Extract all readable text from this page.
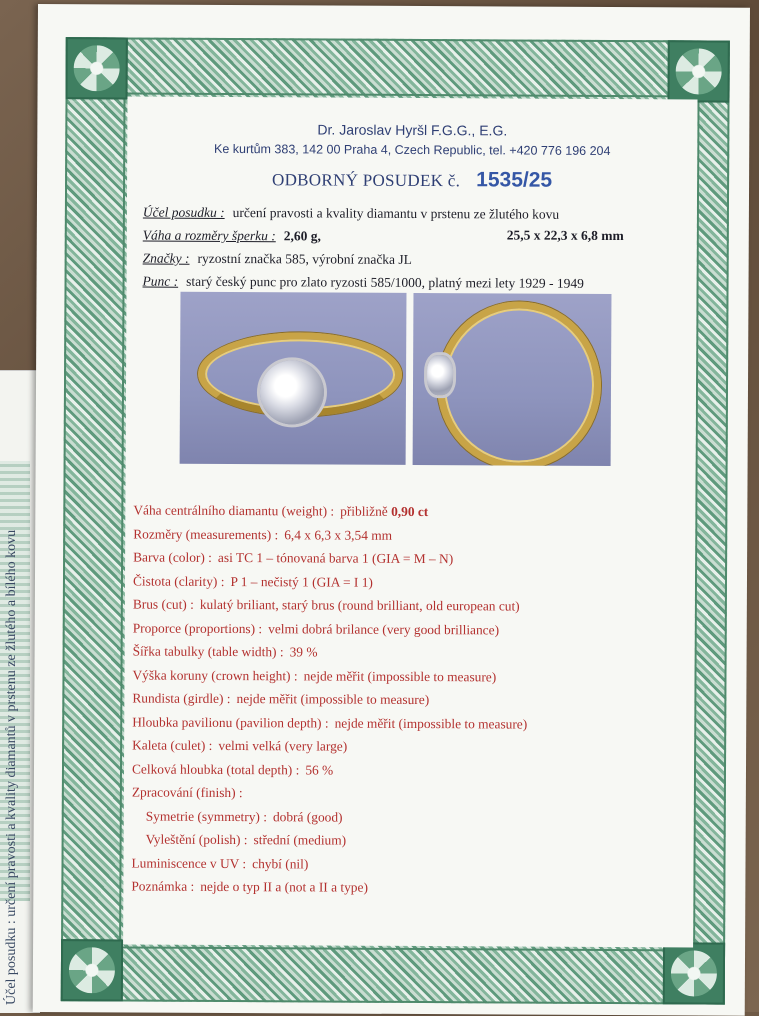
Účel posudku : určení pravosti a kvality diamantů v prstenu ze žlutého a bílého kovu
Dr. Jaroslav Hyršl F.G.G., E.G.
Ke kurtům 383, 142 00 Praha 4, Czech Republic, tel. +420 776 196 204
ODBORNÝ POSUDEK č. 1535/25
Účel posudku : určení pravosti a kvality diamantu v prstenu ze žlutého kovu
Váha a rozměry šperku : 2,60 g,	25,5 x 22,3 x 6,8 mm
Značky : ryzostní značka 585, výrobní značka JL
Punc : starý český punc pro zlato ryzosti 585/1000, platný mezi lety 1929 - 1949
Váha centrálního diamantu (weight) : přibližně 0,90 ct
Rozměry (measurements) : 6,4 x 6,3 x 3,54 mm
Barva (color) : asi TC 1 – tónovaná barva 1 (GIA = M – N)
Čistota (clarity) : P 1 – nečistý 1 (GIA = I 1)
Brus (cut) : kulatý briliant, starý brus (round brilliant, old european cut)
Proporce (proportions) : velmi dobrá brilance (very good brilliance)
Šířka tabulky (table width) : 39 %
Výška koruny (crown height) : nejde měřit (impossible to measure)
Rundista (girdle) : nejde měřit (impossible to measure)
Hloubka pavilionu (pavilion depth) : nejde měřit (impossible to measure)
Kaleta (culet) : velmi velká (very large)
Celková hloubka (total depth) : 56 %
Zpracování (finish) :
Symetrie (symmetry) : dobrá (good)
Vyleštění (polish) : střední (medium)
Luminiscence v UV : chybí (nil)
Poznámka : nejde o typ II a (not a II a type)
